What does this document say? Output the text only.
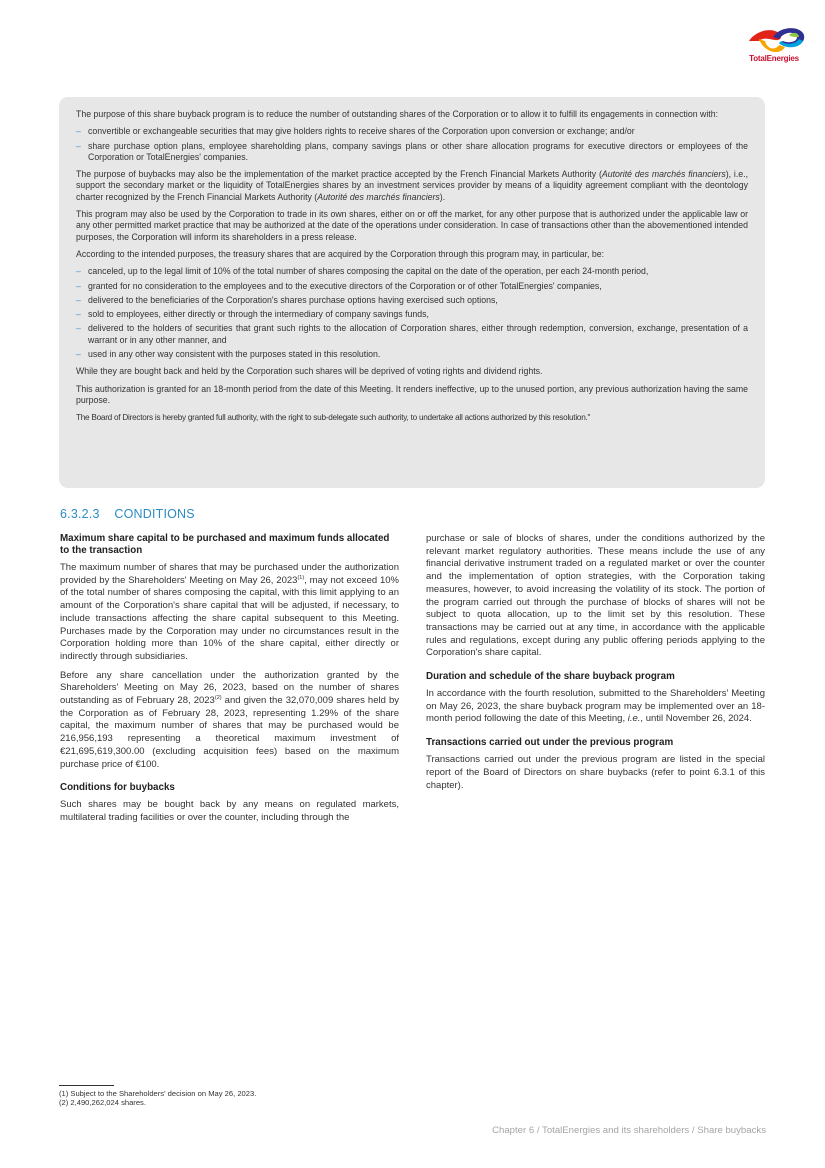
TotalEnergies

The purpose of this share buyback program is to reduce the number of outstanding shares of the Corporation or to allow it to fulfill its engagements in connection with:

– convertible or exchangeable securities that may give holders rights to receive shares of the Corporation upon conversion or exchange; and/or
– share purchase option plans, employee shareholding plans, company savings plans or other share allocation programs for executive directors or employees of the Corporation or TotalEnergies' companies.

The purpose of buybacks may also be the implementation of the market practice accepted by the French Financial Markets Authority (Autorité des marchés financiers), i.e., support the secondary market or the liquidity of TotalEnergies shares by an investment services provider by means of a liquidity agreement compliant with the deontology charter recognized by the French Financial Markets Authority (Autorité des marchés financiers).

This program may also be used by the Corporation to trade in its own shares, either on or off the market, for any other purpose that is authorized under the applicable law or any other permitted market practice that may be authorized at the date of the operations under consideration. In case of transactions other than the abovementioned intended purposes, the Corporation will inform its shareholders in a press release.

According to the intended purposes, the treasury shares that are acquired by the Corporation through this program may, in particular, be:

– canceled, up to the legal limit of 10% of the total number of shares composing the capital on the date of the operation, per each 24-month period,
– granted for no consideration to the employees and to the executive directors of the Corporation or of other TotalEnergies' companies,
– delivered to the beneficiaries of the Corporation's shares purchase options having exercised such options,
– sold to employees, either directly or through the intermediary of company savings funds,
– delivered to the holders of securities that grant such rights to the allocation of Corporation shares, either through redemption, conversion, exchange, presentation of a warrant or in any other manner, and
– used in any other way consistent with the purposes stated in this resolution.

While they are bought back and held by the Corporation such shares will be deprived of voting rights and dividend rights.

This authorization is granted for an 18-month period from the date of this Meeting. It renders ineffective, up to the unused portion, any previous authorization having the same purpose.

The Board of Directors is hereby granted full authority, with the right to sub-delegate such authority, to undertake all actions authorized by this resolution."

6.3.2.3 CONDITIONS
Maximum share capital to be purchased and maximum funds allocated to the transaction

The maximum number of shares that may be purchased under the authorization provided by the Shareholders' Meeting on May 26, 2023$^{(1)}$, may not exceed 10% of the total number of shares composing the capital, with this limit applying to an amount of the Corporation's share capital that will be adjusted, if necessary, to include transactions affecting the share capital subsequent to this Meeting. Purchases made by the Corporation may under no circumstances result in the Corporation holding more than 10% of the share capital, either directly or indirectly through subsidiaries.

Before any share cancellation under the authorization granted by the Shareholders' Meeting on May 26, 2023, based on the number of shares outstanding as of February 28, 2023$^{(2)}$ and given the 32,070,009 shares held by the Corporation as of February 28, 2023, representing 1.29% of the share capital, the maximum number of shares that may be purchased would be 216,956,193 representing a theoretical maximum investment of €21,695,619,300.00 (excluding acquisition fees) based on the maximum purchase price of €100.

Conditions for buybacks

Such shares may be bought back by any means on regulated markets, multilateral trading facilities or over the counter, including through the

purchase or sale of blocks of shares, under the conditions authorized by the relevant market regulatory authorities. These means include the use of any financial derivative instrument traded on a regulated market or over the counter and the implementation of option strategies, with the Corporation taking measures, however, to avoid increasing the volatility of its stock. The portion of the program carried out through the purchase of blocks of shares will not be subject to quota allocation, up to the limit set by this resolution. These transactions may be carried out at any time, in accordance with the applicable rules and regulations, except during any public offering periods applying to the Corporation's share capital.

Duration and schedule of the share buyback program

In accordance with the fourth resolution, submitted to the Shareholders' Meeting on May 26, 2023, the share buyback program may be implemented over an 18-month period following the date of this Meeting, i.e., until November 26, 2024.

Transactions carried out under the previous program

Transactions carried out under the previous program are listed in the special report of the Board of Directors on share buybacks (refer to point 6.3.1 of this chapter).

(1) Subject to the Shareholders' decision on May 26, 2023.
(2) 2,490,262,024 shares.
Chapter 6 / TotalEnergies and its shareholders / Share buybacks
